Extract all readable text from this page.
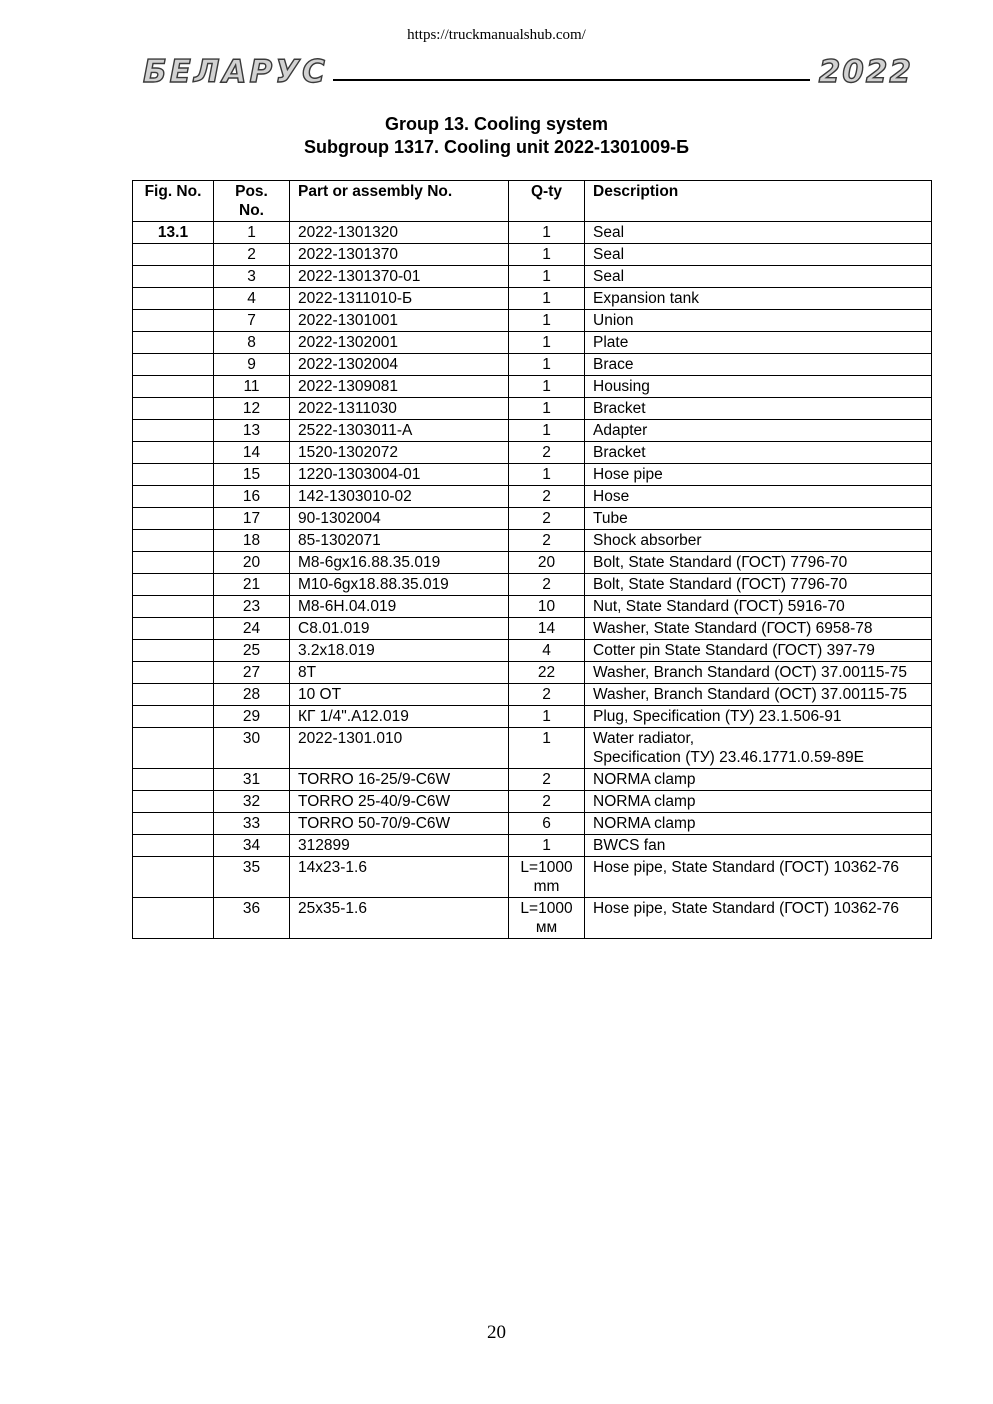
https://truckmanualshub.com/
БЕЛАРУС	2022
Group 13. Cooling system
Subgroup 1317. Cooling unit 2022-1301009-Б
Fig. No.	Pos. No.	Part or assembly No.	Q-ty	Description
13.1	1	2022-1301320	1	Seal
	2	2022-1301370	1	Seal
	3	2022-1301370-01	1	Seal
	4	2022-1311010-Б	1	Expansion tank
	7	2022-1301001	1	Union
	8	2022-1302001	1	Plate
	9	2022-1302004	1	Brace
	11	2022-1309081	1	Housing
	12	2022-1311030	1	Bracket
	13	2522-1303011-А	1	Adapter
	14	1520-1302072	2	Bracket
	15	1220-1303004-01	1	Hose pipe
	16	142-1303010-02	2	Hose
	17	90-1302004	2	Tube
	18	85-1302071	2	Shock absorber
	20	М8-6gх16.88.35.019	20	Bolt, State Standard (ГОСТ) 7796-70
	21	М10-6gх18.88.35.019	2	Bolt, State Standard (ГОСТ) 7796-70
	23	М8-6Н.04.019	10	Nut, State Standard (ГОСТ) 5916-70
	24	С8.01.019	14	Washer, State Standard (ГОСТ) 6958-78
	25	3.2х18.019	4	Cotter pin State Standard (ГОСТ) 397-79
	27	8Т	22	Washer, Branch Standard (ОСТ) 37.00115-75
	28	10 ОТ	2	Washer, Branch Standard (ОСТ) 37.00115-75
	29	КГ 1/4".А12.019	1	Plug, Specification (ТУ) 23.1.506-91
	30	2022-1301.010	1	Water radiator,
Specification (ТУ) 23.46.1771.0.59-89Е
	31	TORRO 16-25/9-C6W	2	NORMA clamp
	32	TORRO 25-40/9-C6W	2	NORMA clamp
	33	TORRO 50-70/9-C6W	6	NORMA clamp
	34	312899	1	BWCS fan
	35	14х23-1.6	L=1000 mm	Hose pipe, State Standard (ГОСТ) 10362-76
	36	25х35-1.6	L=1000 мм	Hose pipe, State Standard (ГОСТ) 10362-76
20
